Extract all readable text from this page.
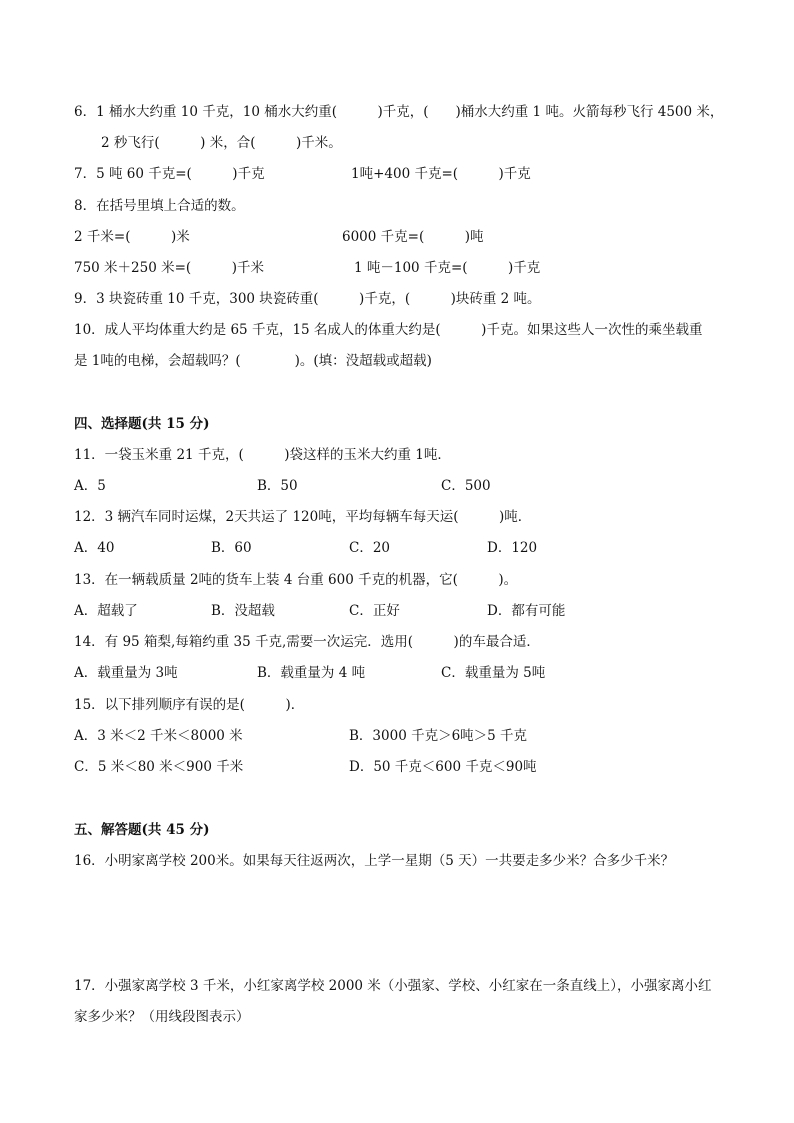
6．1 桶水大约重 10 千克，10 桶水大约重(　　　)千克，(　　)桶水大约重 1 吨。火箭每秒飞行 4500 米，
2 秒飞行(　　　) 米，合(　　　)千米。
7．5 吨 60 千克=(　　　)千克	1吨+400 千克=(　　　)千克
8．在括号里填上合适的数。
2 千米=(　　　)米	6000 千克=(　　　)吨
750 米＋250 米=(　　　)千米	1 吨－100 千克=(　　　)千克
9．3 块瓷砖重 10 千克，300 块瓷砖重(　　　)千克，(　　　)块砖重 2 吨。
10．成人平均体重大约是 65 千克，15 名成人的体重大约是(　　　)千克。如果这些人一次性的乘坐载重
是 1吨的电梯，会超载吗？(　　　　)。(填：没超载或超载)
四、选择题(共 15 分)
11．一袋玉米重 21 千克，(　　　)袋这样的玉米大约重 1吨．
A．5	B．50	C．500
12．3 辆汽车同时运煤，2天共运了 120吨，平均每辆车每天运(　　　)吨．
A．40	B．60	C．20	D．120
13．在一辆载质量 2吨的货车上装 4 台重 600 千克的机器，它(　　　)。
A．超载了	B．没超载	C．正好	D．都有可能
14．有 95 箱梨,每箱约重 35 千克,需要一次运完．选用(　　　)的车最合适．
A．载重量为 3吨	B．载重量为 4 吨	C．载重量为 5吨
15．以下排列顺序有误的是(　　　)．
A．3 米＜2 千米＜8000 米	B．3000 千克＞6吨＞5 千克
C．5 米＜80 米＜900 千米	D．50 千克＜600 千克＜90吨
五、解答题(共 45 分)
16．小明家离学校 200米。如果每天往返两次，上学一星期（5 天）一共要走多少米？合多少千米？
17．小强家离学校 3 千米，小红家离学校 2000 米（小强家、学校、小红家在一条直线上），小强家离小红
家多少米？（用线段图表示）
